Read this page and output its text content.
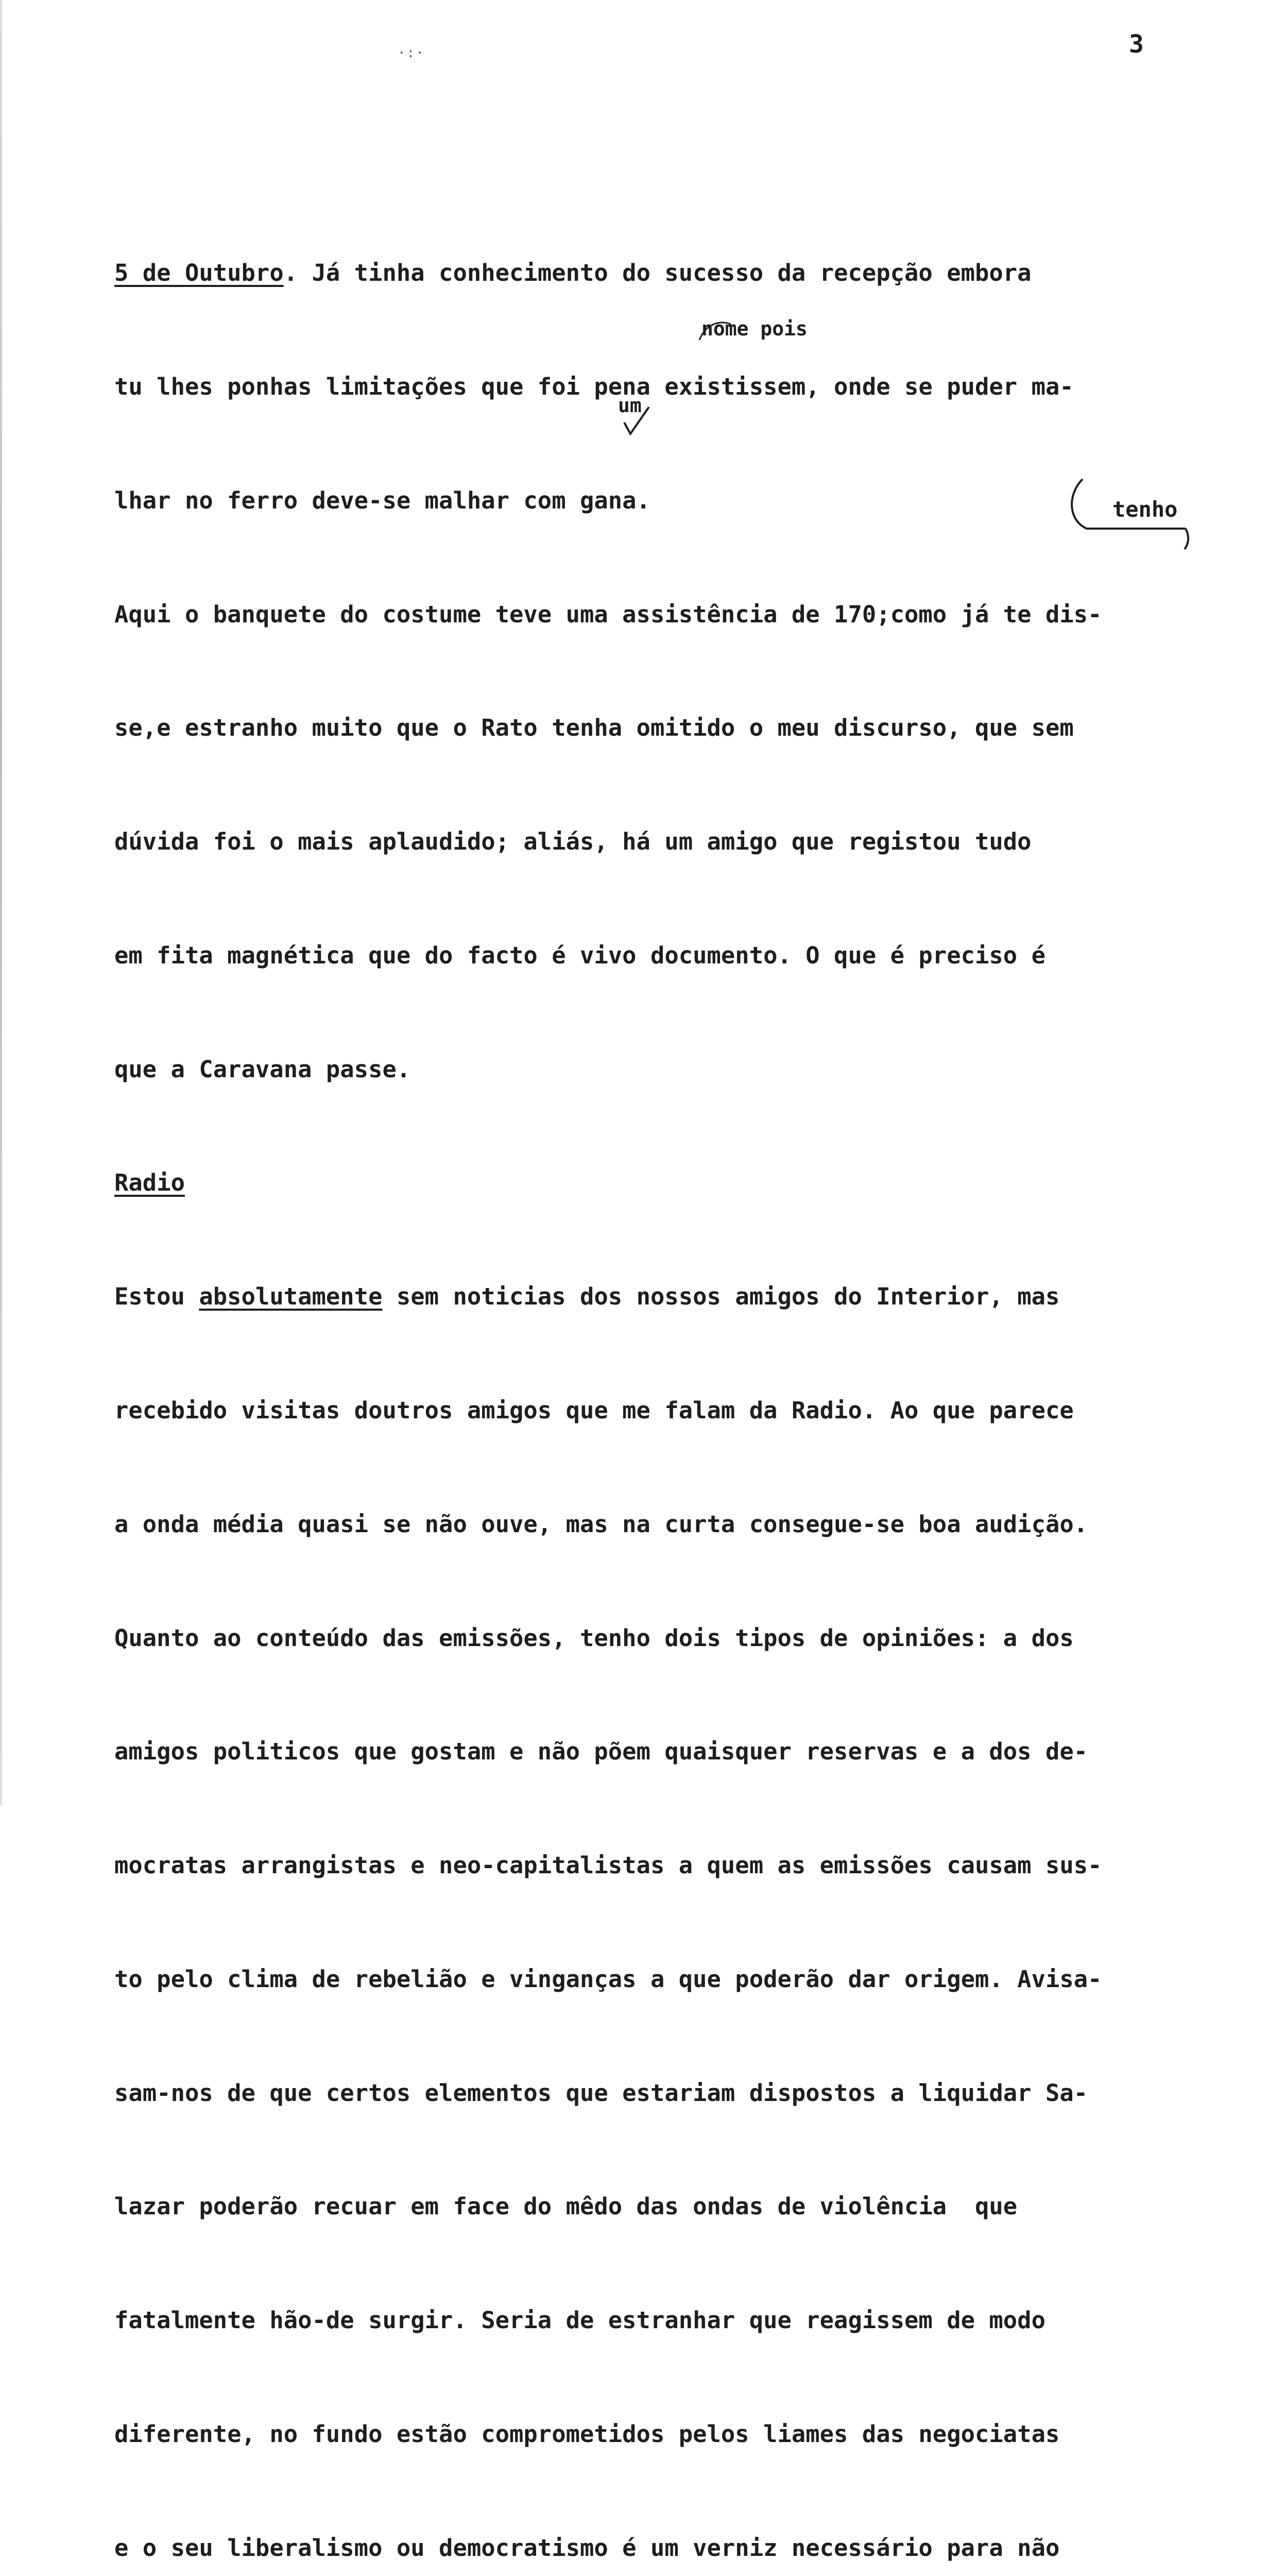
·:·	3

5 de Outubro. Já tinha conhecimento do sucesso da recepção embora

tu lhes ponhas limitações que foi pena existissem, onde se puder ma-

lhar no ferro deve-se malhar com gana.

Aqui o banquete do costume teve uma assistência de 170;como já te dis-

se,e estranho muito que o Rato tenha omitido o meu discurso, que sem

dúvida foi o mais aplaudido; aliás, há um amigo que registou tudo

em fita magnética que do facto é vivo documento. O que é preciso é

que a Caravana passe.

Radio

Estou absolutamente sem noticias dos nossos amigos do Interior, mas

recebido visitas doutros amigos que me falam da Radio. Ao que parece

a onda média quasi se não ouve, mas na curta consegue-se boa audição.

Quanto ao conteúdo das emissões, tenho dois tipos de opiniões: a dos

amigos politicos que gostam e não põem quaisquer reservas e a dos de-

mocratas arrangistas e neo-capitalistas a quem as emissões causam sus-

to pelo clima de rebelião e vinganças a que poderão dar origem. Avisa-

sam-nos de que certos elementos que estariam dispostos a liquidar Sa-

lazar poderão recuar em face do mêdo das ondas de violência  que

fatalmente hão-de surgir. Seria de estranhar que reagissem de modo

diferente, no fundo estão comprometidos pelos liames das negociatas

e o seu liberalismo ou democratismo é um verniz necessário para não

nome pois
um
tenho
